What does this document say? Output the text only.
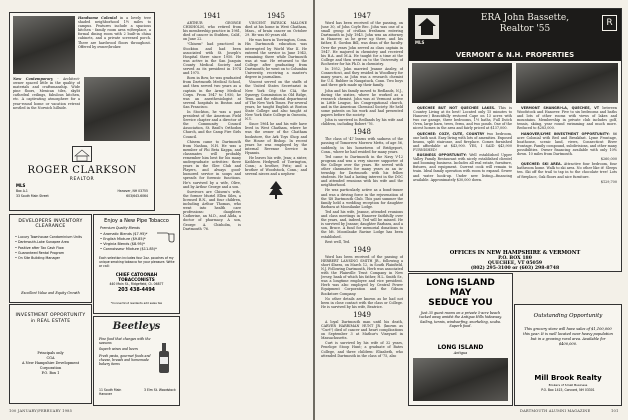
Handsome Colonial in a lovely tree shaded neighborhood 1½ miles to campus. Features include a spacious kitchen - family room area w/fireplace, a formal dining room with 2 built-in china cabinets, and a private screened porch. There are hardwood floors throughout. Offered by owner/broker.
New Contemporary - Architect-owner spaced little in the quality of materials and craftsmanship. Wide pine floors, Mexican tiles, skylit cathedral ceilings, fabulous kitchen, etc. A captivating atmosphere for a year-round home or vacation retreat nestled in the Norwich hillside.
ROGER CLARKSON
REALTOR
MLS
Box A-1
33 South Main Street
Hanover, NH 03755
603/643-6064
DEVELOPERS INVENTORY CLEARANCE
• Luxury Townhouse Condominium Units
• Dartmouth-Lake Sunapee Area
• Positive after Tax Cash Flow
• Guaranteed Rental Program
• On Site Building Manager
Excellent Value and Equity Growth
INVESTMENT OPPORTUNITY in REAL ESTATE
Principals only
CGA
A New Hampshire Development Corporation
P.O. Box 1
Enjoy a New Pipe Tobacco
Premium Quality Blends
• Aromatic Blends ($7.95)*
• English Mixture ($9.85)*
• Virginia Blends ($8.95)*
• Connoisseur Mixture ($11.85)*
Each selection includes four 2oz. pouches of my unique smoking tobacco for your pleasure. Write or call:
CHIEF CATOONAH TOBACCONISTS
440 Main St., Ridgefield, Ct. 06877
203 438-4494
*Connecticut residents add sales tax
Beetleys
Fine food that changes with the seasons
Superb wines and beers
Fresh pasta, gourmet foods and cheese, breads and homemade bakery items
11 South Main Hanover
3 Elm St. Woodstock
1941

ARTHUR GEORGE CHISHOLM, who retired from his membership practice in 1981, died of cancer in Stubben, Calif., on June 22.

"Chisem" had practiced in Stockton and had been associated with St. Joseph's Hospital there since 1950. He was active in the San Joaquin County Medical Society and served as its president in 1974 and 1975.

Born in Bow, he was graduated from Dartmouth Medical School, and then served two years as a captain in the Army Medical Corps. From 1947 to 1950, he was an anesthesiologist at several hospitals in Boston and San Francisco.

In Stockton, he was a past president of the American Field Service chapter and a director of the Community Council Association, St. Basil's Orthodox Church, and the Camp Fire Girls Council.

Chisem came to Dartmouth from Nashua, N.H. He was a member of Phi Beta Kappa, and classmates will probably remember him best for his many undergraduate activities: three years in the Glee Club and Players, and always good-humored service in soups and spreads for forensic functions. He's survived by a wife, Olive, and by Arthur George and a son.

Survivors are Chisem's wife, the former Muriel Ellen Siles, a licensed R.N., and four children, including Arthur Thomas, who went into health care professions: daughters Catherine, an M.D., and Alida, a doctor of pharmacy. A son, George A. Chisholm, is Dartmouth '76.

1945

VINCENT PATRICK MALONE died at his home in West Chatham, Mass., of brain cancer on October 29. He was 60 years old.

He was born in Torrington, Conn. His Dartmouth education was interrupted by World War II. He entered the service in June 1943, remaining there while Dartmouth was at war. He returned to the College after graduating from Dartmouth; he went on to Columbia University, receiving a master's degree in journalism.

Vincent served on the staffs of the United States Secretariat in New York City, the CIA, the Synergy Commission in Old Ridge, Tenn. and the editorial department of The New York Times. For several years, he taught English at Boston State College and also taught at New York State College in Oneonta, N.Y.

Since 1964 he and his wife have lived in West Chatham, where he was the owner of the Chatham bookstore, the Ark Toys Shop and the House of Bishop. In recent years he was employed by the internal Revenue Service in Hyannis.

He leaves his wife, Jean; a sister, Kathleen Hedgwell of Torrington, Conn.; a brother, Fritz; and a brother of Woodstock, Conn.; and several nieces and a nephew.

100 JANUARY/FEBRUARY 1985
1947

Word has been received of the passing, on June 30, of John Coyle Bec. John was one of a small group of civilian freshmen entering Dartmouth in July 1943. John was an attorney in Hanover, as he grew up there, and his father, E. Gordon Bill, was dean of the faculty. Over the years John served as class captain in 1947. He majored in chemistry and received his B.A. and M.A. He taught for a time at the College and then went on to the University of Rochester for his Ph.D. in chemistry.

In 1952, John married Jeanne Ansley, of Connecticut, and they resided in Woodbury for many years, as John was a research chemist for U.S. Rubber in Naugatuck, Conn. Two boys and three girls made up their family.

John and his family moved to Redlands, N.J., during the sixties, where he worked as a research chemist. John was at Vermont active in Little League, his Congregational church, and in the American Chemical Society. He held some patents on his work and had presented papers before the society.

John is survived in Redlands by his wife and children, including Robert '76.

1948

The class of '47 learns with sadness of the passing of Tomorrow Morrow Metts, of age 56, suddenly, in his hometown of Bridgeport, Conn., where he had resided for many years.

Ted came to Dartmouth in the Navy V-12 program and was a very sincere supporter of the College over the years. He served with other classmates for many years as an in-ternship for Dartmouth with his fellow students. He had a lasting interest in the DOC and attended reunions with his wife and the neighborhood.

He was particularly active as a bond-issuer and was a driving force in the rejuvenation of the '48 Dartmouth Club. This past summer the family held a wedding reception for daughter Barbara at Moosilauke Lodge.

Ted and his wife, Jeanne, attended reunions and class meetings in Hanover faithfully over the years, and, indeed, Ted will be missed. He is survived by Jeanne; daughter Barbara, and a son, Bruce. A fund for memorial donations to the Mt. Moosilauke Ravine Lodge has been established.

Rest well, Ted.

1949

Word has been received of the passing of HERBERT LANSING SMITH JR., following a short illness, on March 12, in South Plainfield, N.J. Following Dartmouth, Herb was associated with the Plainville Trust Company in New Jersey, bank of which his father, H.L. Smith Sr., was a longtime employee and vice president. Herb was also employed by Central Power Equipment Corporation and the Gibson Bookstore Company.

No other details are known as he had not been in close contact with the class or College. He is survived by his wife, Beatrice.

1949

A loyal Dartmouth man until his death, CARVER HARRIMAN HUNT JR. (known as "Curt") died of cancer and heart complications on September 3 at Mathur's Vineyard in Massachusetts.

Curt is survived by his wife of 32 years, Penelope Stoop Hunt; a graduate of Bates College, and three children: Elizabeth, who attended Dartmouth in the class of '75, also

MLS
ERA John Bassette,
Realtor '55
R
VERMONT & N.H. PROPERTIES

QUECHEE BUT NOT QUECHEE LAKES. This is Country Living at its best! Located only 15 minutes to Hanover.) Beautifully restored Cape on 13 acres with two car garage, three bedrooms, 1½ baths, Full Dutch Oven, large barn, trees, ferns, and two ponds. One of the nicest homes in the area and fairly priced at $137,000.

QUECHEE: COZY, CUTE, COUNTRY two bedroom, one bath unit. Easy living with lots of amenities. Exposed beams, split staircase, and fireplace. Comes furnished and affordable at $43,900. YES, I SAID $43,900 FURNISHED!

BUSINESS OPPORTUNITY: Well established Upper Valley Family Restaurant with nicely established clientel and booming business. Includes all real estate, furniture, fixtures, and equipment. Current cook will remain to train. Ideal family operation with room to expand. Sewer and water hook-up. Under new listing—financing available. Approximately $30,000 down.

VERMONT SHANGRI-LA, QUECHEE, VT between Woodstock and Hanover. Five to six bedrooms and baths and lots of other rooms with views of lakes and mountains. Membership in private club includes golf, tennis, skiing, year round swimming and much more. Reduced to $283,000.

HANOVER/LYME INVESTMENT OPPORTUNITY: 86 acre Colonial with Bed and Breakfast. Lyme Frontage, boathouse, scenic land, views, Connecticut River frontage. Family compound, subdivisions, and other many possibilities. Owner financing available with only 10% down. 10 miles from Dartmouth.

$260,000

QUECHEE: SKI AREA. Attractive four bedroom, four bathroom home. Walk to ski area. No other like it! Sleeps ten. Ski off the trail to tap in to the chocolate tree! Lots of fireplace, Oak floors and nice furniture.

$129,700

OFFICES IN NEW HAMPSHIRE & VERMONT
P.O. BOX 180
QUECHEE, VT 05059
(802) 295-3100 or (603) 298-8748
LONG ISLAND
MAY
SEDUCE YOU
Just 35 guest rooms on a private 5-acre beach tucked away amidst the Antigua Hills hideaway. Sailing, tennis, windsurfing, snorkeling, scuba. Superb food.
LONG ISLAND
Antigua
Outstanding Opportunity
This grocery store will have sales of $1,100,000 this year. It is well located near heavy population but in a growing rural area. Available for $400,000.
Mill Brook Realty
Brokers of Small Business
P.O. Box 1415, Concord, NH 03301
DARTMOUTH ALUMNI MAGAZINE	101
